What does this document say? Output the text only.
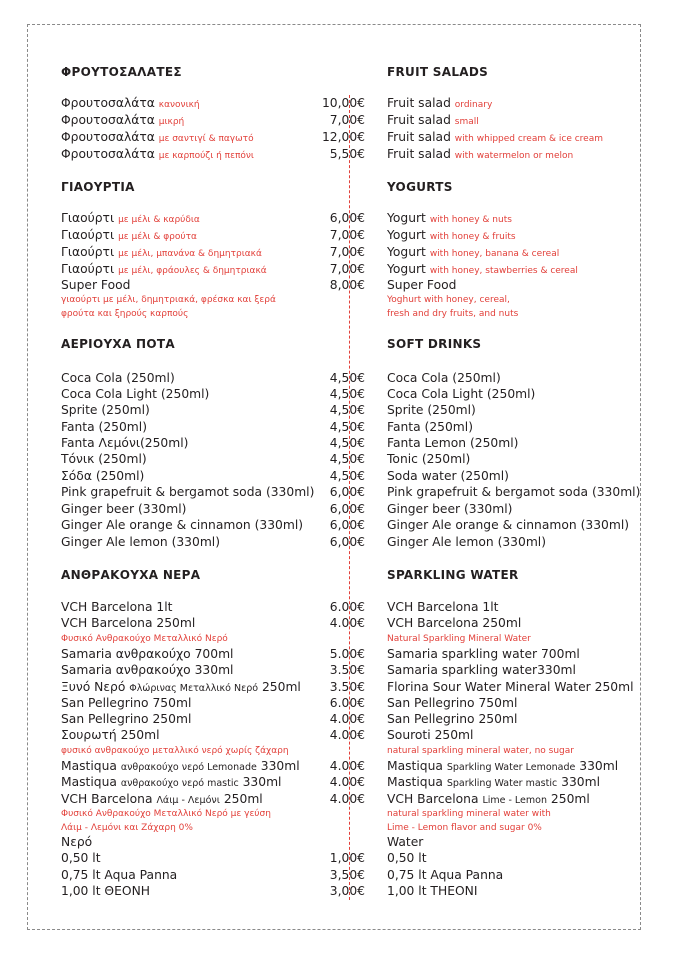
ΦΡΟΥΤΟΣΑΛΑΤΕΣ	FRUIT SALADS
Φρουτοσαλάτα κανονική	10,00€ Fruit salad ordinary
Φρουτοσαλάτα μικρή	7,00€ Fruit salad small
Φρουτοσαλάτα με σαντιγί & παγωτό	12,00€ Fruit salad with whipped cream & ice cream
Φρουτοσαλάτα με καρπούζι ή πεπόνι	5,50€ Fruit salad with watermelon or melon
ΓΙΑΟΥΡΤΙΑ	YOGURTS
Γιαούρτι με μέλι & καρύδια	6,00€ Yogurt with honey & nuts
Γιαούρτι με μέλι & φρούτα	7,00€ Yogurt with honey & fruits
Γιαούρτι με μέλι, μπανάνα & δημητριακά	7,00€ Yogurt with honey, banana & cereal
Γιαούρτι με μέλι, φράουλες & δημητριακά	7,00€ Yogurt with honey, stawberries & cereal
Super Food	8,00€ Super Food
γιαούρτι με μέλι, δημητριακά, φρέσκα και ξερά	Yoghurt with honey, cereal,
φρούτα και ξηρούς καρπούς	fresh and dry fruits, and nuts
ΑΕΡΙΟΥΧΑ ΠΟΤΑ	SOFT DRINKS
Coca Cola (250ml)	4,50€ Coca Cola (250ml)
Coca Cola Light (250ml)	4,50€ Coca Cola Light (250ml)
Sprite (250ml)	4,50€ Sprite (250ml)
Fanta (250ml)	4,50€ Fanta (250ml)
Fanta Λεμόνι(250ml)	4,50€ Fanta Lemon (250ml)
Τόνικ (250ml)	4,50€ Tonic (250ml)
Σόδα (250ml)	4,50€ Soda water (250ml)
Pink grapefruit & bergamot soda (330ml) 6,00€ Pink grapefruit & bergamot soda (330ml)
Ginger beer (330ml)	6,00€ Ginger beer (330ml)
Ginger Ale orange & cinnamon (330ml) 6,00€ Ginger Ale orange & cinnamon (330ml)
Ginger Ale lemon (330ml)	6,00€ Ginger Ale lemon (330ml)
ΑΝΘΡΑΚΟΥΧΑ ΝΕΡΑ	SPARKLING WATER
VCH Barcelona 1lt	6.00€ VCH Barcelona 1lt
VCH Barcelona 250ml	4.00€ VCH Barcelona 250ml
Φυσικό Ανθρακούχο Μεταλλικό Νερό	Natural Sparkling Mineral Water
Samaria ανθρακούχο 700ml	5.00€ Samaria sparkling water 700ml
Samaria ανθρακούχο 330ml	3.50€ Samaria sparkling water330ml
Ξυνό Νερό Φλώρινας Μεταλλικό Νερό 250ml 3.50€ Florina Sour Water Mineral Water 250ml
San Pellegrino 750ml	6.00€ San Pellegrino 750ml
San Pellegrino 250ml	4.00€ San Pellegrino 250ml
Σουρωτή 250ml	4.00€ Souroti 250ml
φυσικό ανθρακούχο μεταλλικό νερό χωρίς ζάχαρη	natural sparkling mineral water, no sugar
Mastiqua ανθρακούχο νερό Lemonade 330ml 4.00€ Mastiqua Sparkling Water Lemonade 330ml
Mastiqua ανθρακούχο νερό mastic 330ml	4.00€ Mastiqua Sparkling Water mastic 330ml
VCH Barcelona Λάιμ - Λεμόνι 250ml	4.00€ VCH Barcelona Lime - Lemon 250ml
Φυσικό Ανθρακούχο Μεταλλικό Νερό με γεύση	natural sparkling mineral water with
Λάιμ - Λεμόνι και Ζάχαρη 0%	Lime - Lemon flavor and sugar 0%
Νερό	Water
0,50 lt	1,00€ 0,50 lt
0,75 lt Aqua Panna	3,50€ 0,75 lt Aqua Panna
1,00 lt ΘΕΟΝΗ	3,00€ 1,00 lt THEONI
